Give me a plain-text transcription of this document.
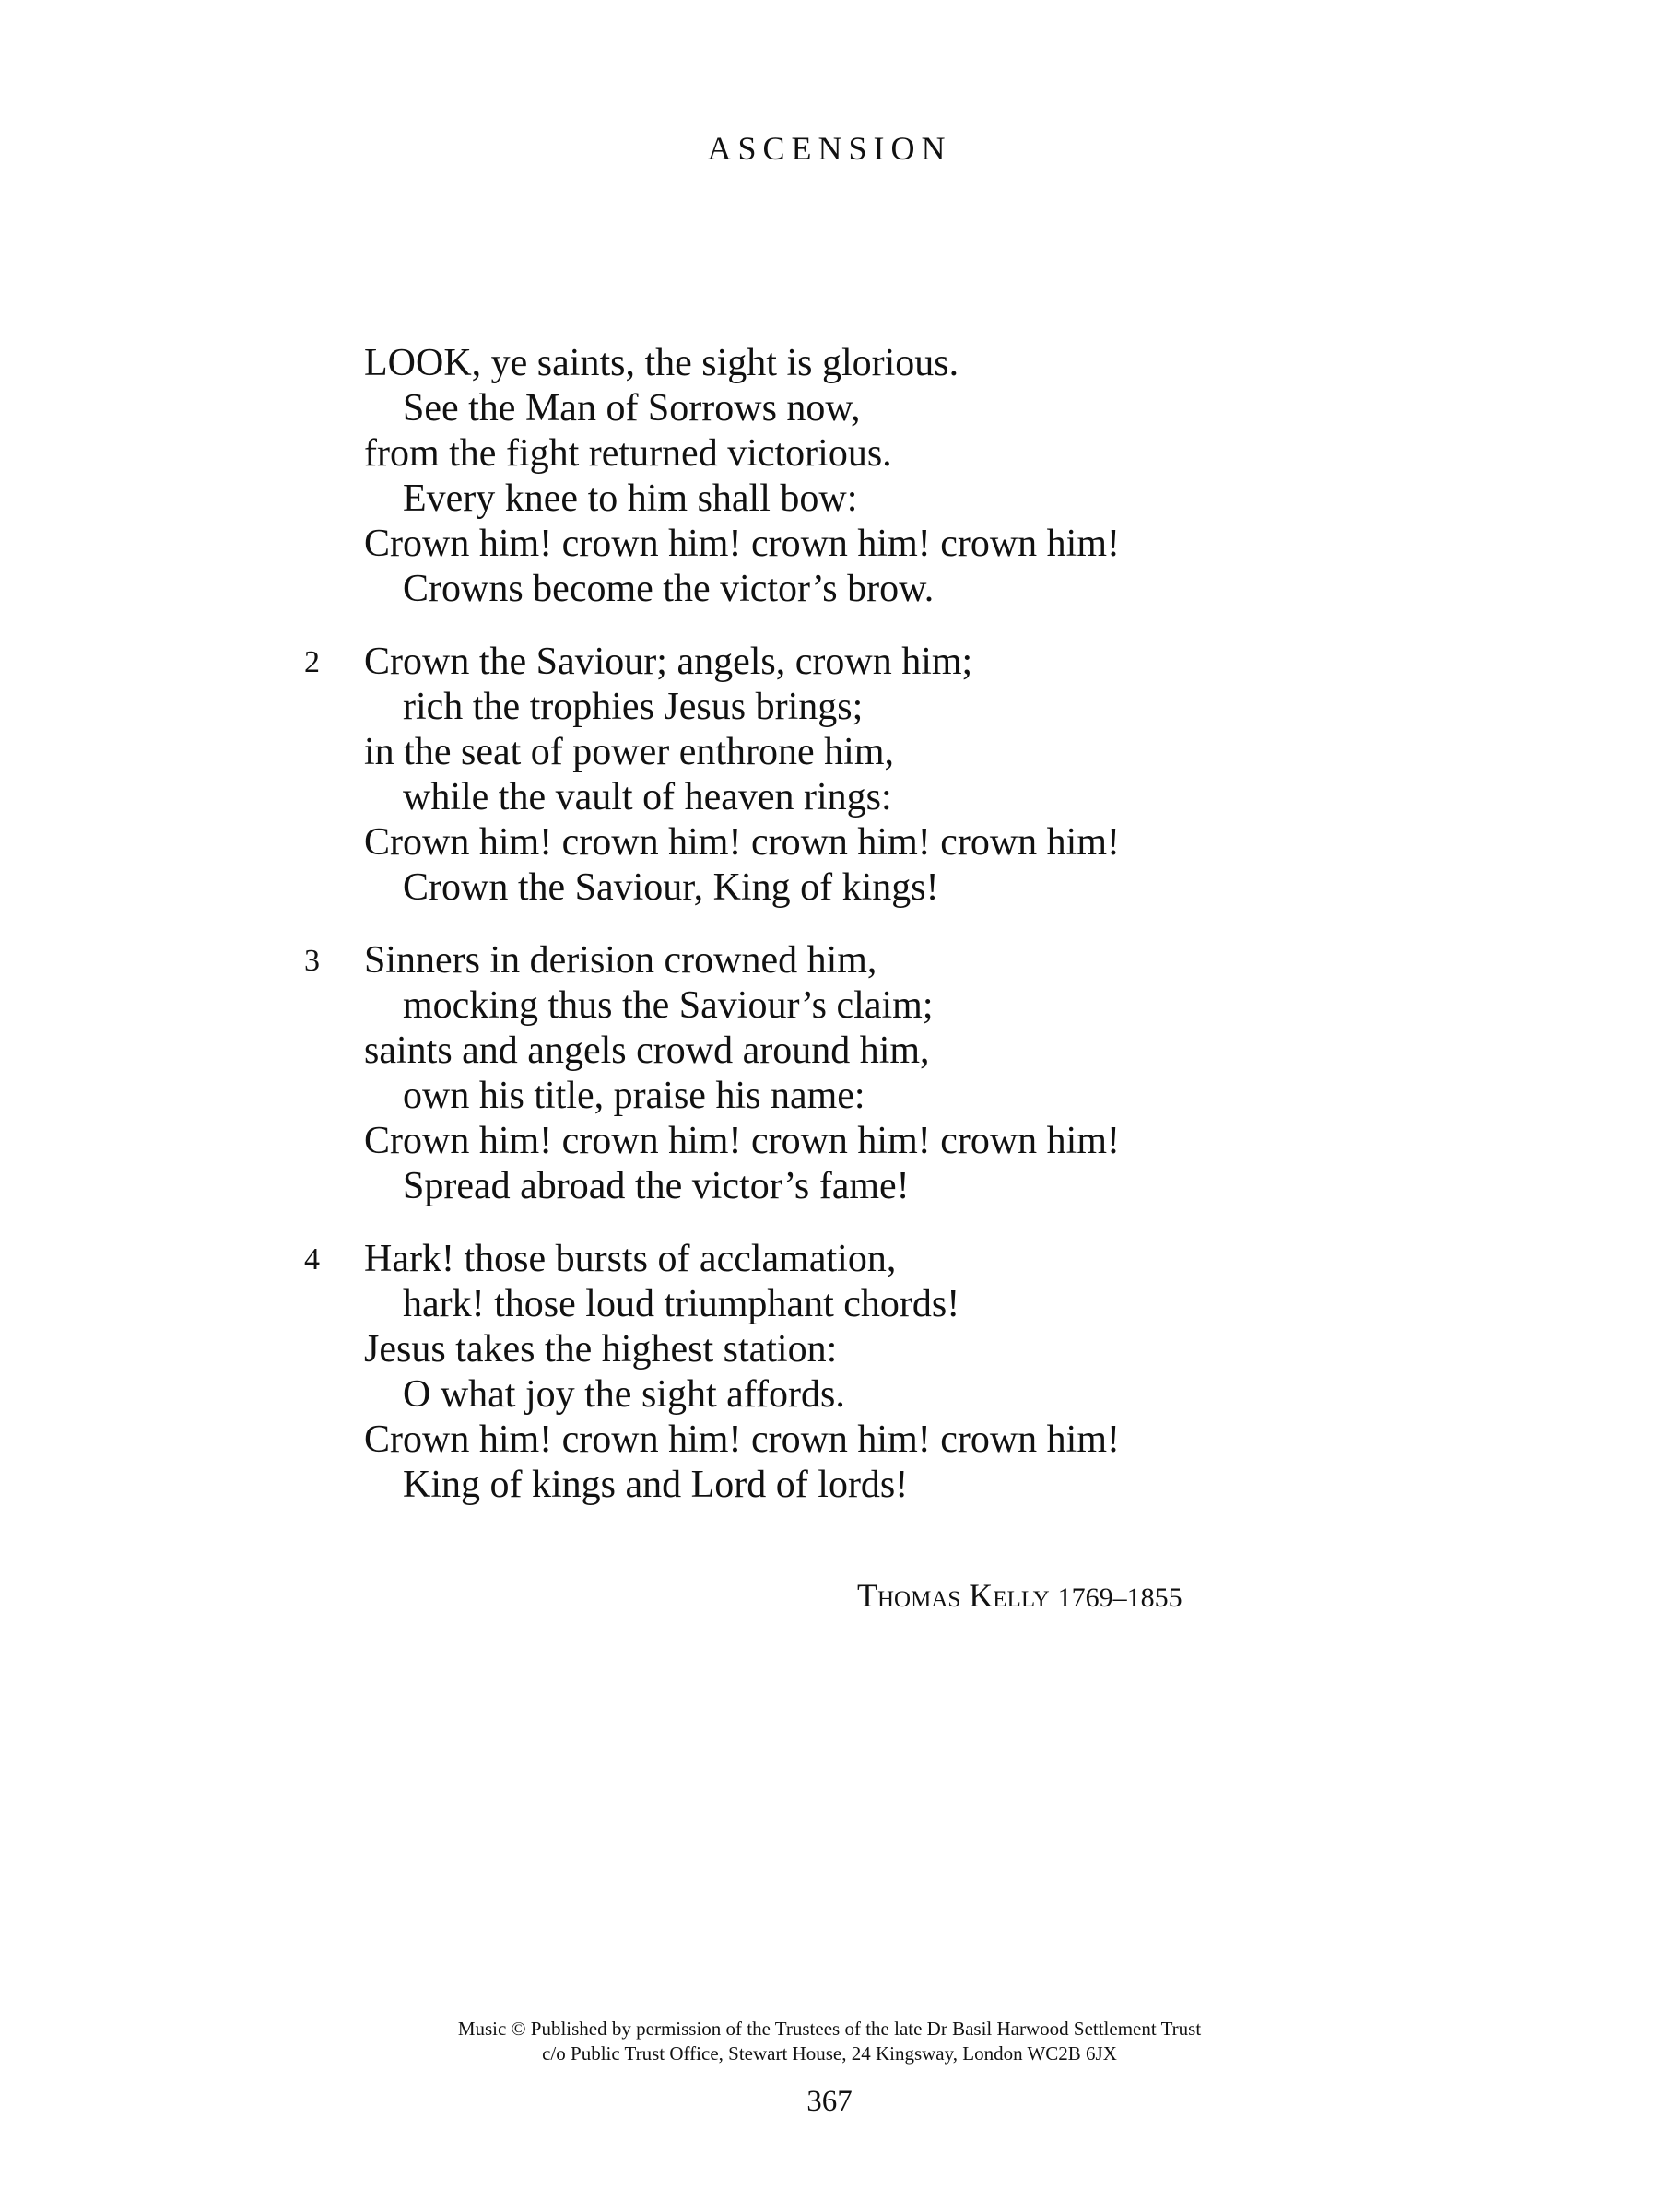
ASCENSION
LOOK, ye saints, the sight is glorious.
See the Man of Sorrows now,
from the fight returned victorious.
Every knee to him shall bow:
Crown him! crown him! crown him! crown him!
Crowns become the victor’s brow.
2	Crown the Saviour; angels, crown him;
rich the trophies Jesus brings;
in the seat of power enthrone him,
while the vault of heaven rings:
Crown him! crown him! crown him! crown him!
Crown the Saviour, King of kings!
3	Sinners in derision crowned him,
mocking thus the Saviour’s claim;
saints and angels crowd around him,
own his title, praise his name:
Crown him! crown him! crown him! crown him!
Spread abroad the victor’s fame!
4	Hark! those bursts of acclamation,
hark! those loud triumphant chords!
Jesus takes the highest station:
O what joy the sight affords.
Crown him! crown him! crown him! crown him!
King of kings and Lord of lords!
Thomas Kelly 1769–1855
Music © Published by permission of the Trustees of the late Dr Basil Harwood Settlement Trust
c/o Public Trust Office, Stewart House, 24 Kingsway, London WC2B 6JX
367
